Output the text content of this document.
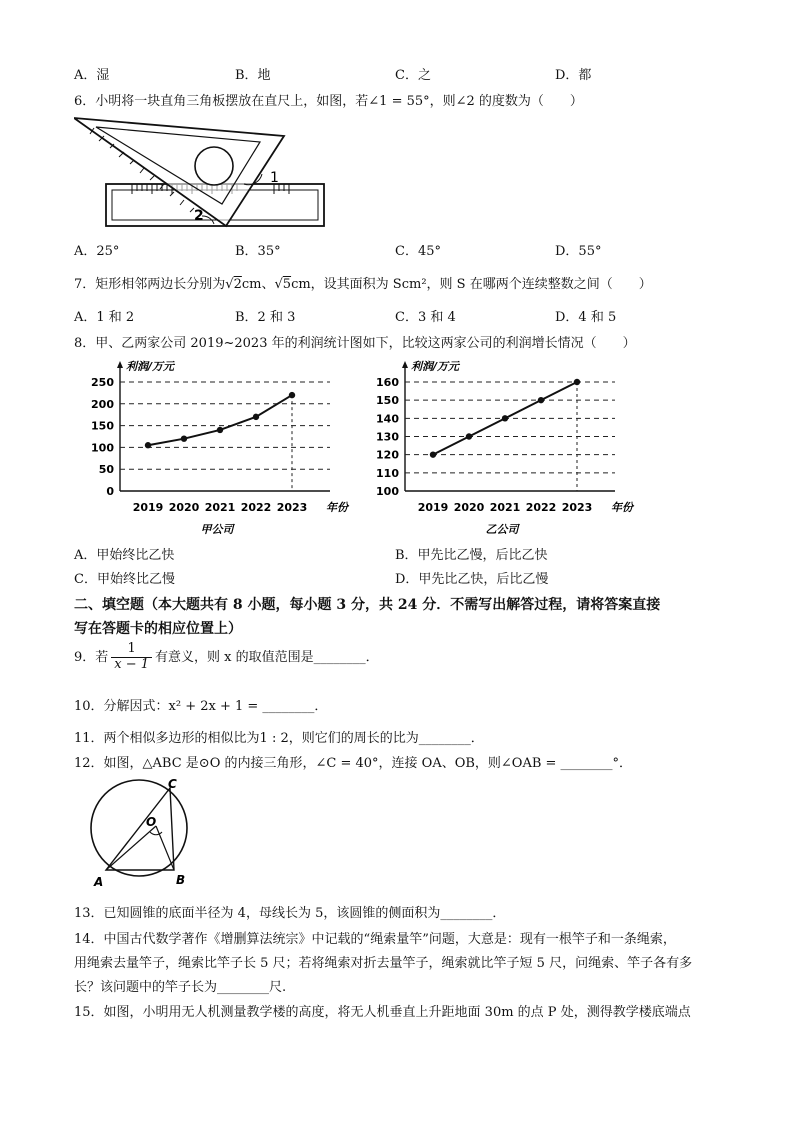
A．湿	B．地	C．之	D．都
6．小明将一块直角三角板摆放在直尺上，如图，若∠1 = 55°，则∠2 的度数为（　　）
1
2
A．25°	B．35°	C．45°	D．55°
7．矩形相邻两边长分别为√2cm、√5cm，设其面积为 Scm²，则 S 在哪两个连续整数之间（　　）
A．1 和 2	B．2 和 3	C．3 和 4	D．4 和 5
8．甲、乙两家公司 2019~2023 年的利润统计图如下，比较这两家公司的利润增长情况（　　）
0
50
100
150
200
250
2019 2020 2021 2022 2023
利润/万元
年份
甲公司
100
110
120
130
140
150
160
2019 2020 2021 2022 2023
利润/万元
年份
乙公司
A．甲始终比乙快	B．甲先比乙慢，后比乙快
C．甲始终比乙慢	D．甲先比乙快，后比乙慢
二、填空题（本大题共有 8 小题，每小题 3 分，共 24 分．不需写出解答过程，请将答案直接
写在答题卡的相应位置上）
9．若 $\frac{1}{x - 1}$ 有意义，则 x 的取值范围是________．
10．分解因式：x² + 2x + 1 = ________．
11．两个相似多边形的相似比为1 : 2，则它们的周长的比为________．
12．如图，△ABC 是⊙O 的内接三角形，∠C = 40°，连接 OA、OB，则∠OAB = ________°．
C
O
A	B
13．已知圆锥的底面半径为 4，母线长为 5，该圆锥的侧面积为________．
14．中国古代数学著作《增删算法统宗》中记载的“绳索量竿”问题，大意是：现有一根竿子和一条绳索，
用绳索去量竿子，绳索比竿子长 5 尺；若将绳索对折去量竿子，绳索就比竿子短 5 尺，问绳索、竿子各有多
长？该问题中的竿子长为________尺.
15．如图，小明用无人机测量教学楼的高度，将无人机垂直上升距地面 30m 的点 P 处，测得教学楼底端点
